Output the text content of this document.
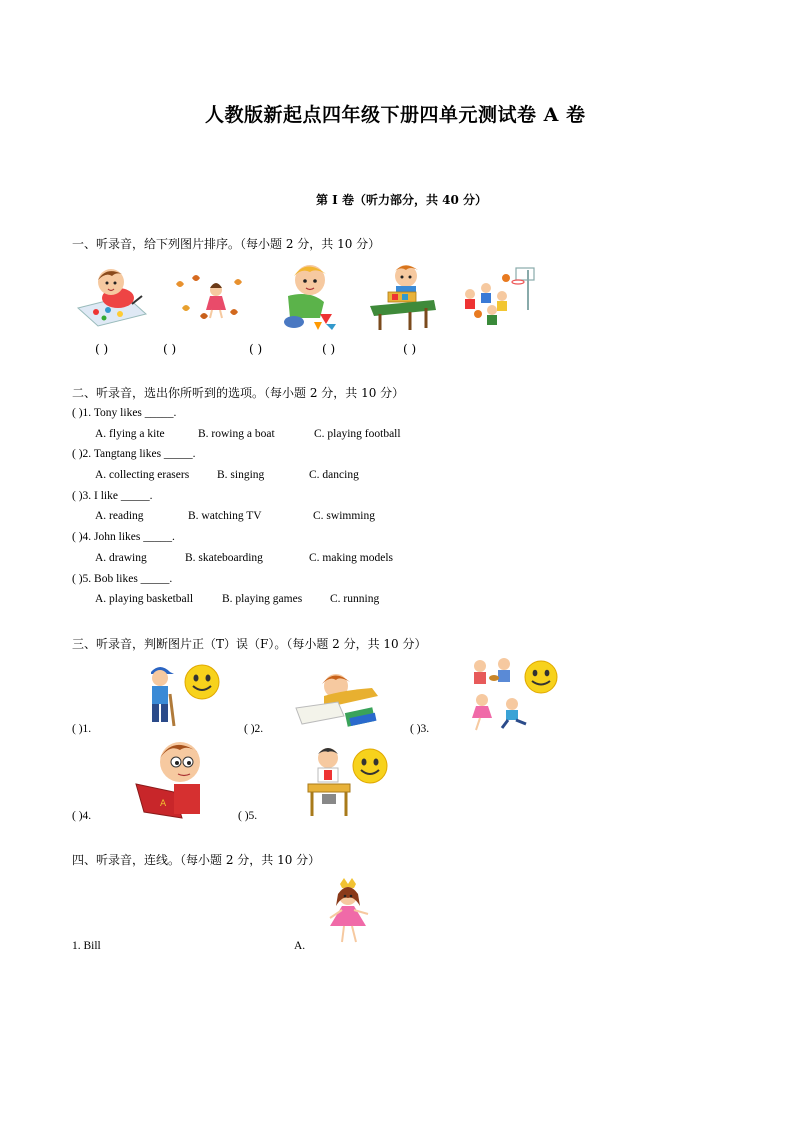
人教版新起点四年级下册四单元测试卷 A 卷
第 I 卷（听力部分，共 40 分）
一、听录音，给下列图片排序。（每小题 2 分，共 10 分）
( )	( )	( )	( )	( )
二、听录音，选出你所听到的选项。（每小题 2 分，共 10 分）
( )1. Tony likes _____.
A. flying a kite	B. rowing a boat	C. playing football
( )2. Tangtang likes _____.
A. collecting erasers B. singing	C. dancing
( )3. I like _____.
A. reading	B. watching TV	C. swimming
( )4. John likes _____.
A. drawing	B. skateboarding	C. making models
( )5. Bob likes _____.
A. playing basketball	B. playing games C. running
三、听录音，判断图片正（T）误（F）。（每小题 2 分，共 10 分）
( )1.	( )2.	( )3.
A
( )4.	( )5.
四、听录音，连线。（每小题 2 分，共 10 分）
1. Bill	A.
